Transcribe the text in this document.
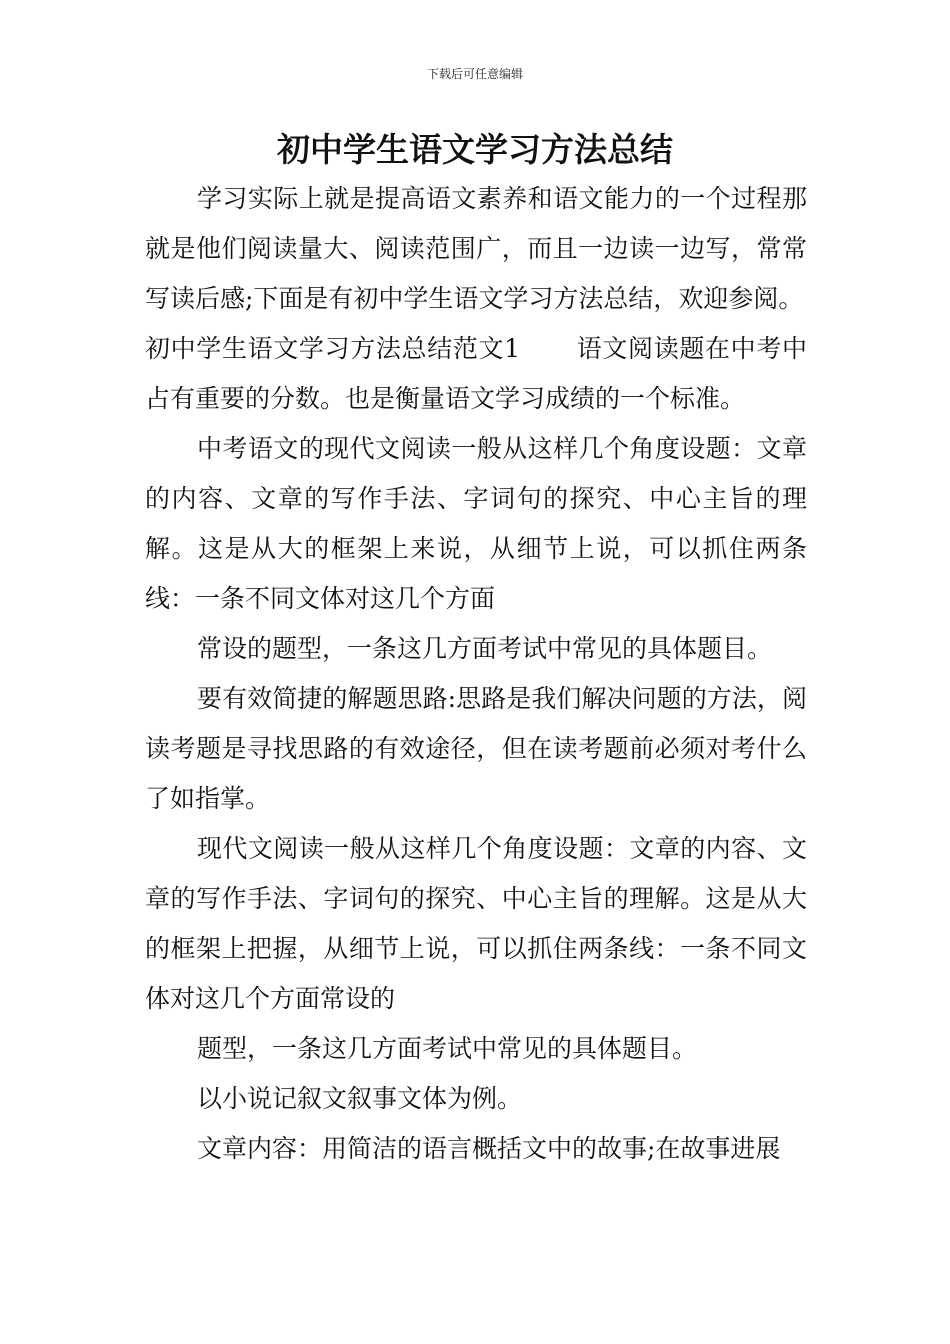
下载后可任意编辑
初中学生语文学习方法总结

学习实际上就是提高语文素养和语文能力的一个过程那就是他们阅读量大、阅读范围广，而且一边读一边写，常常写读后感;下面是有初中学生语文学习方法总结，欢迎参阅。

初中学生语文学习方法总结范文1 语文阅读题在中考中占有重要的分数。也是衡量语文学习成绩的一个标准。

中考语文的现代文阅读一般从这样几个角度设题：文章的内容、文章的写作手法、字词句的探究、中心主旨的理解。这是从大的框架上来说，从细节上说，可以抓住两条线：一条不同文体对这几个方面

常设的题型，一条这几方面考试中常见的具体题目。

要有效简捷的解题思路:思路是我们解决问题的方法，阅读考题是寻找思路的有效途径，但在读考题前必须对考什么了如指掌。

现代文阅读一般从这样几个角度设题：文章的内容、文章的写作手法、字词句的探究、中心主旨的理解。这是从大的框架上把握，从细节上说，可以抓住两条线：一条不同文体对这几个方面常设的

题型，一条这几方面考试中常见的具体题目。

以小说记叙文叙事文体为例。

文章内容：用简洁的语言概括文中的故事;在故事进展
